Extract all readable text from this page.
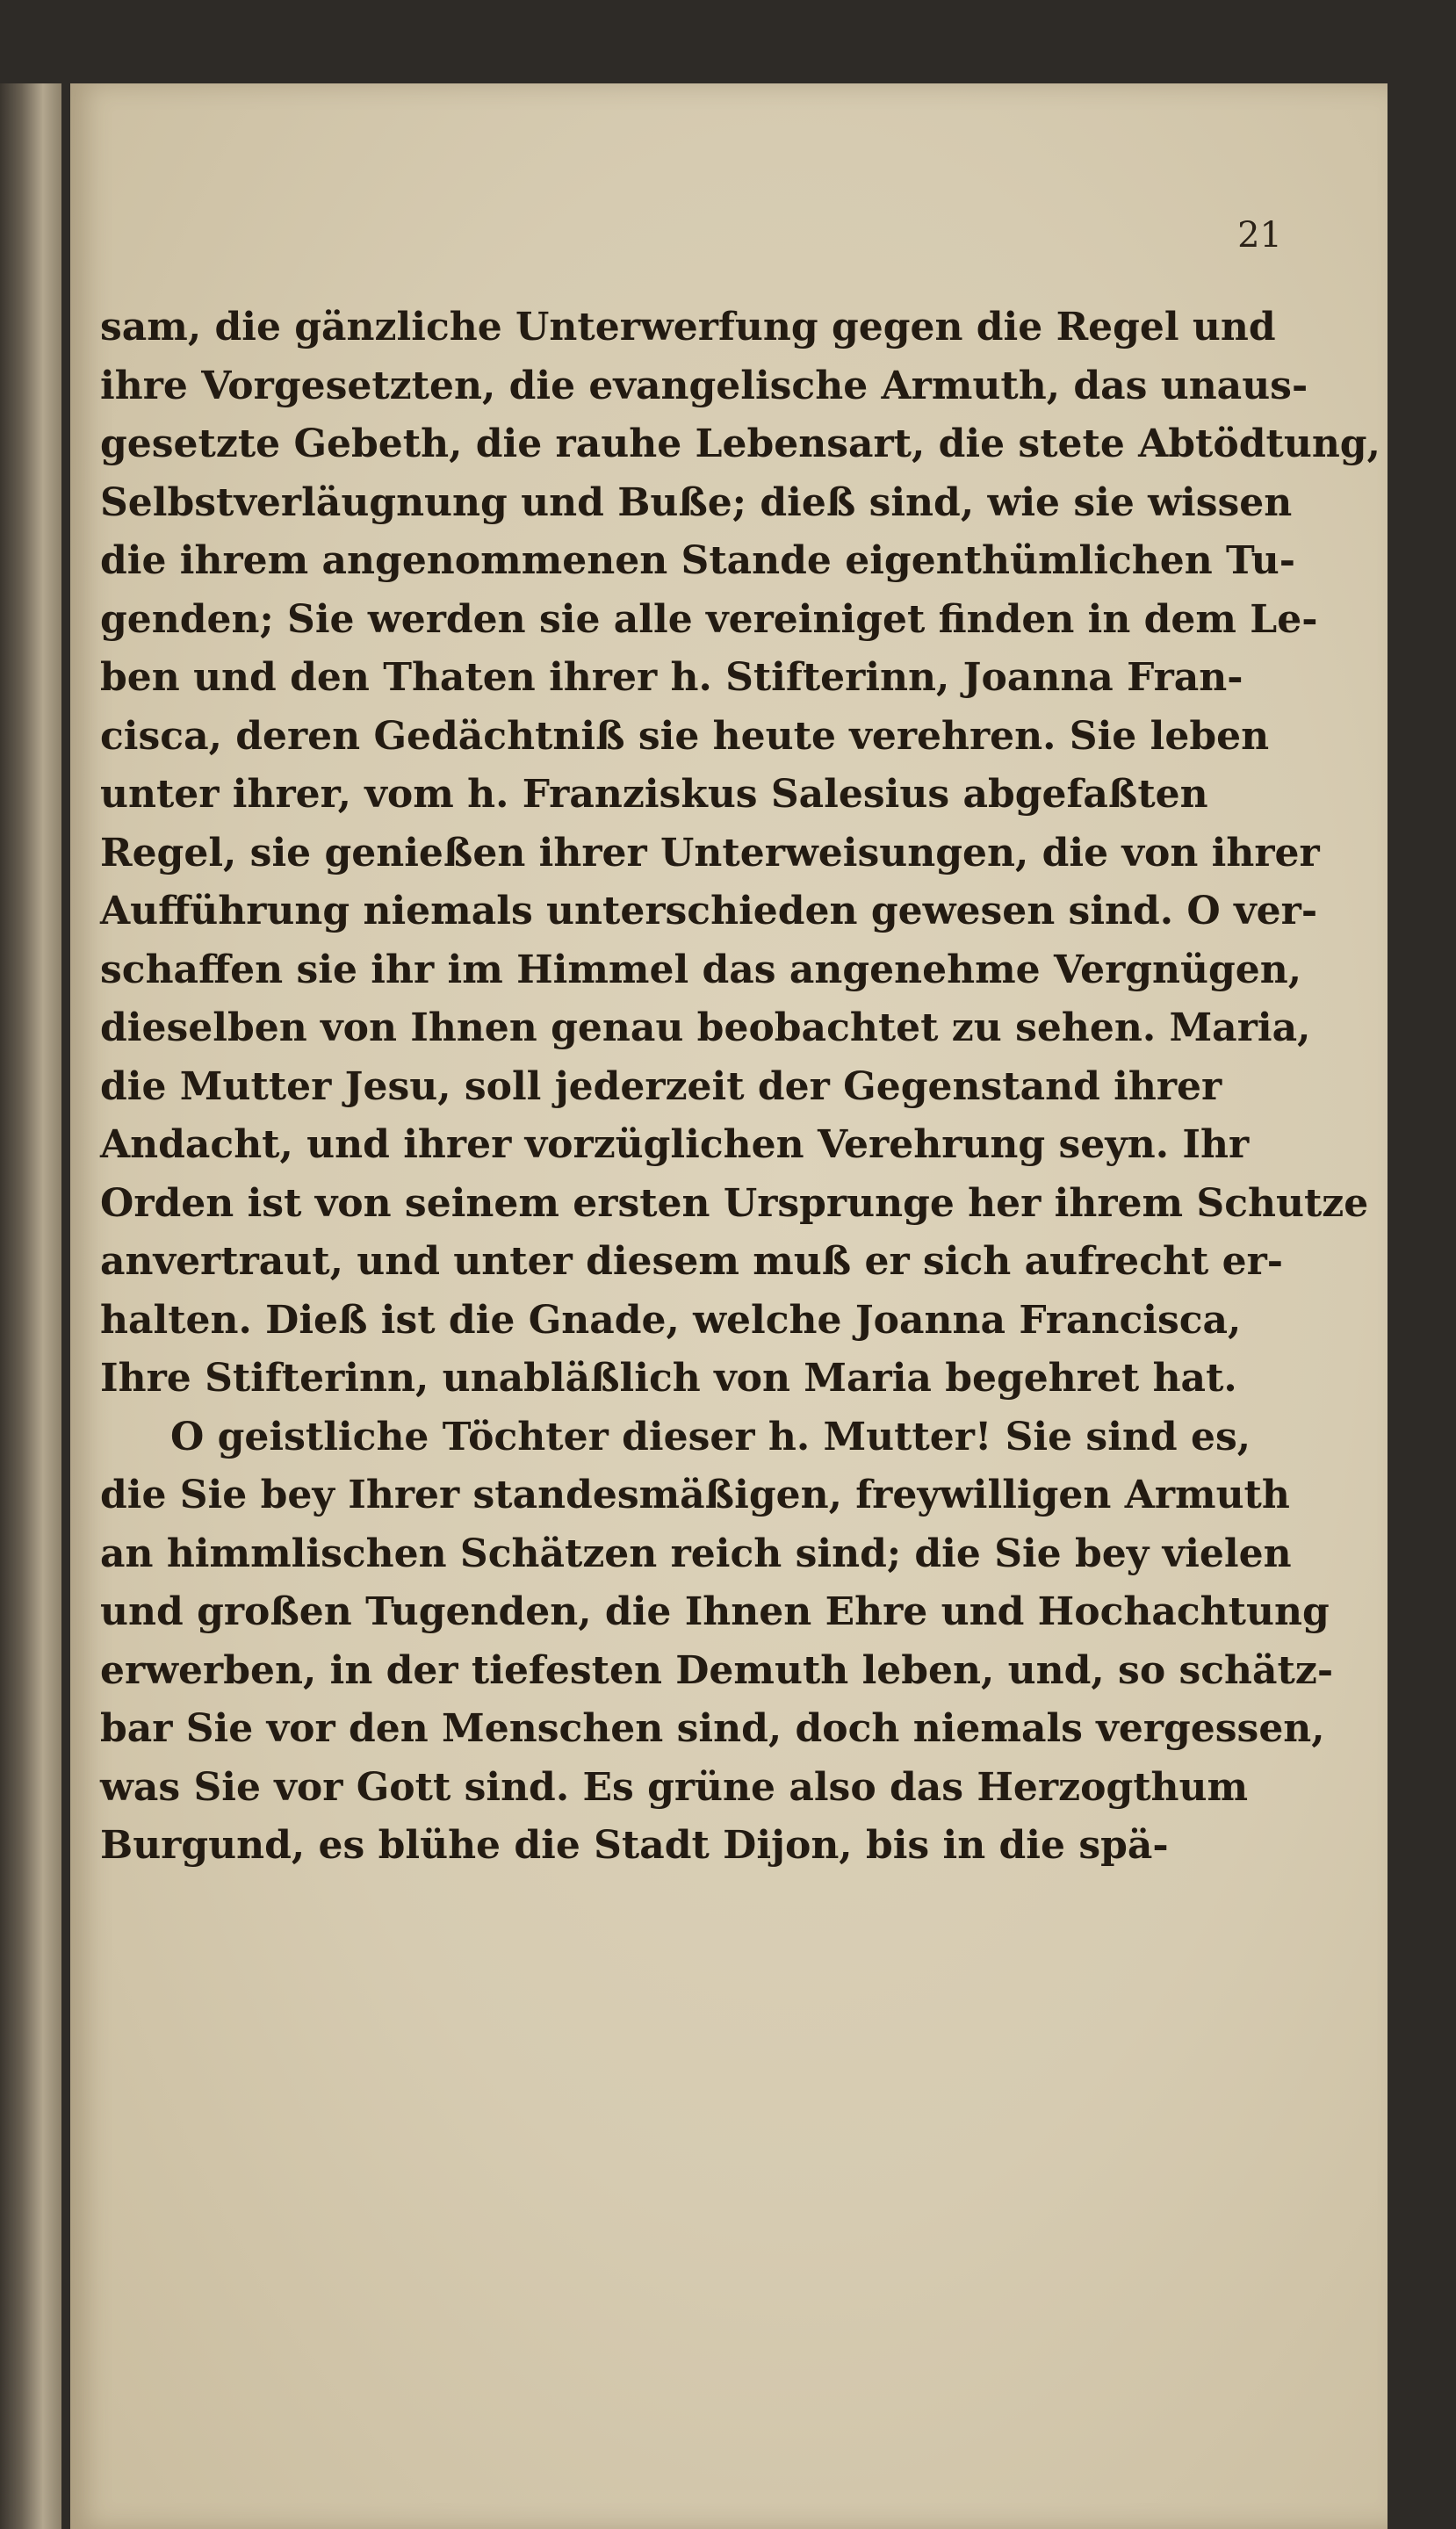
21
sam, die gänzliche Unterwerfung gegen die Regel und
ihre Vorgesetzten, die evangelische Armuth, das unaus-
gesetzte Gebeth, die rauhe Lebensart, die stete Abtödtung,
Selbstverläugnung und Buße; dieß sind, wie sie wissen
die ihrem angenommenen Stande eigenthümlichen Tu-
genden; Sie werden sie alle vereiniget finden in dem Le-
ben und den Thaten ihrer h. Stifterinn, Joanna Fran-
cisca, deren Gedächtniß sie heute verehren. Sie leben
unter ihrer, vom h. Franziskus Salesius abgefaßten
Regel, sie genießen ihrer Unterweisungen, die von ihrer
Aufführung niemals unterschieden gewesen sind. O ver-
schaffen sie ihr im Himmel das angenehme Vergnügen,
dieselben von Ihnen genau beobachtet zu sehen. Maria,
die Mutter Jesu, soll jederzeit der Gegenstand ihrer
Andacht, und ihrer vorzüglichen Verehrung seyn. Ihr
Orden ist von seinem ersten Ursprunge her ihrem Schutze
anvertraut, und unter diesem muß er sich aufrecht er-
halten. Dieß ist die Gnade, welche Joanna Francisca,
Ihre Stifterinn, unabläßlich von Maria begehret hat.
O geistliche Töchter dieser h. Mutter! Sie sind es,
die Sie bey Ihrer standesmäßigen, freywilligen Armuth
an himmlischen Schätzen reich sind; die Sie bey vielen
und großen Tugenden, die Ihnen Ehre und Hochachtung
erwerben, in der tiefesten Demuth leben, und, so schätz-
bar Sie vor den Menschen sind, doch niemals vergessen,
was Sie vor Gott sind. Es grüne also das Herzogthum
Burgund, es blühe die Stadt Dijon, bis in die spä-
